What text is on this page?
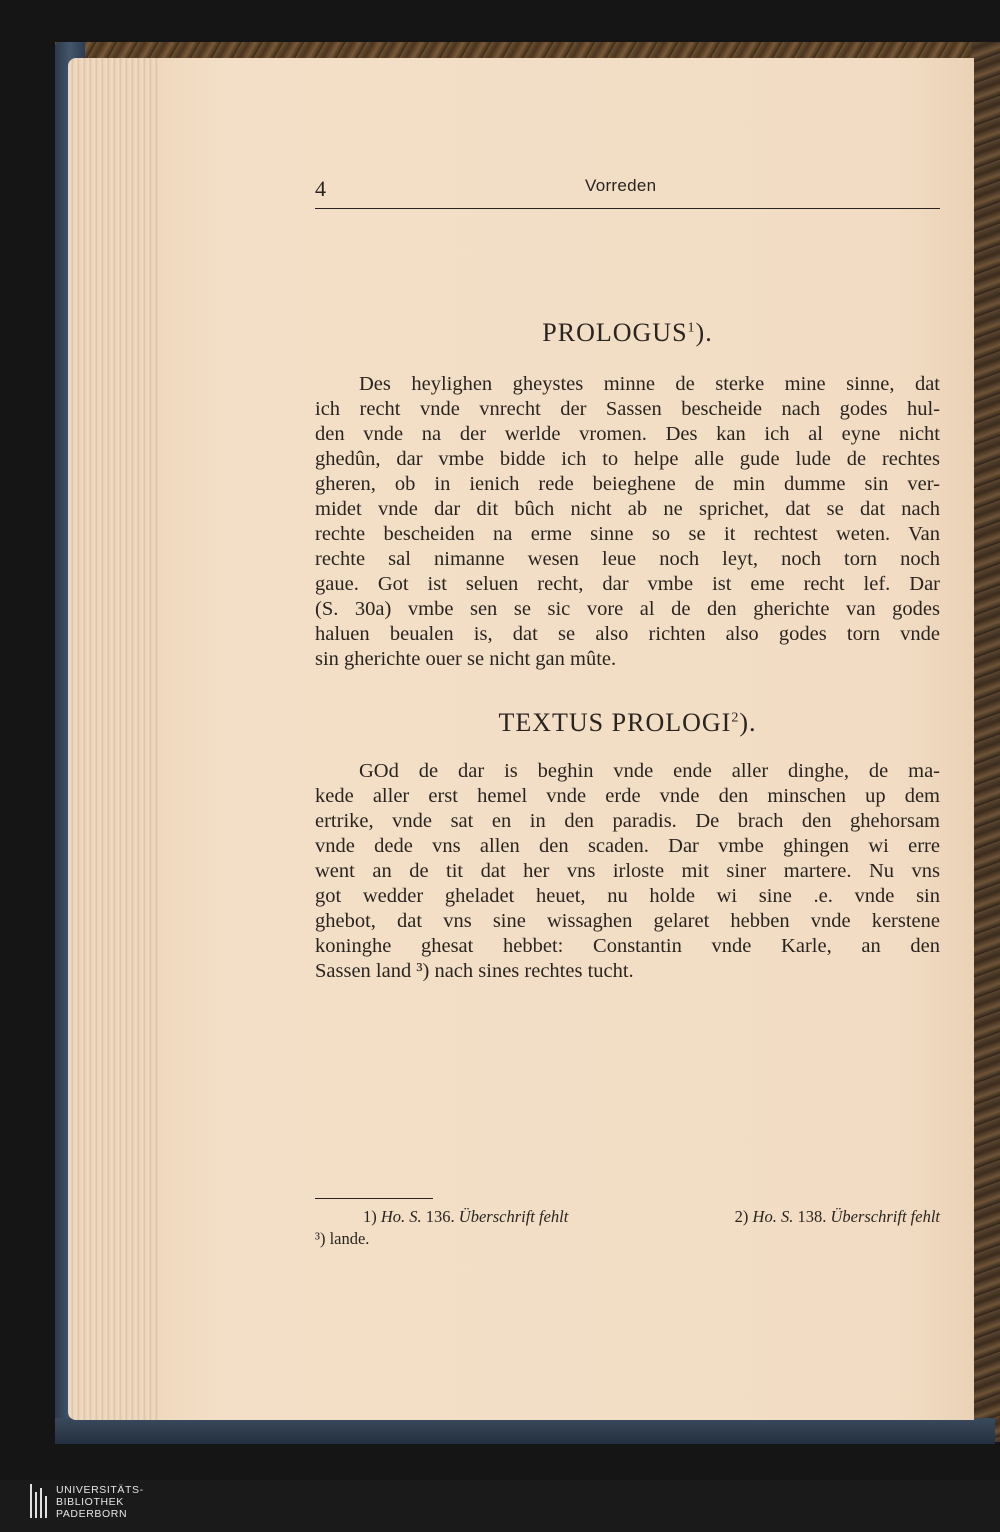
4	Vorreden
PROLOGUS$^1$).
Des heylighen gheystes minne de sterke mine sinne, dat
ich recht vnde vnrecht der Sassen bescheide nach godes hul-
den vnde na der werlde vromen. Des kan ich al eyne nicht
ghedûn, dar vmbe bidde ich to helpe alle gude lude de rechtes
gheren, ob in ienich rede beieghene de min dumme sin ver-
midet vnde dar dit bûch nicht ab ne sprichet, dat se dat nach
rechte bescheiden na erme sinne so se it rechtest weten. Van
rechte sal nimanne wesen leue noch leyt, noch torn noch
gaue. Got ist seluen recht, dar vmbe ist eme recht lef. Dar
(S. 30a) vmbe sen se sic vore al de den gherichte van godes
haluen beualen is, dat se also richten also godes torn vnde
sin gherichte ouer se nicht gan mûte.
TEXTUS PROLOGI$^2$).
GOd de dar is beghin vnde ende aller dinghe, de ma-
kede aller erst hemel vnde erde vnde den minschen up dem
ertrike, vnde sat en in den paradis. De brach den ghehorsam
vnde dede vns allen den scaden. Dar vmbe ghingen wi erre
went an de tit dat her vns irloste mit siner martere. Nu vns
got wedder gheladet heuet, nu holde wi sine .e. vnde sin
ghebot, dat vns sine wissaghen gelaret hebben vnde kerstene
koninghe ghesat hebbet: Constantin vnde Karle, an den
Sassen land ³) nach sines rechtes tucht.
1) Ho. S. 136. Überschrift fehlt	2) Ho. S. 138. Überschrift fehlt
³) lande.
UNIVERSITÄTS-
BIBLIOTHEK
PADERBORN
